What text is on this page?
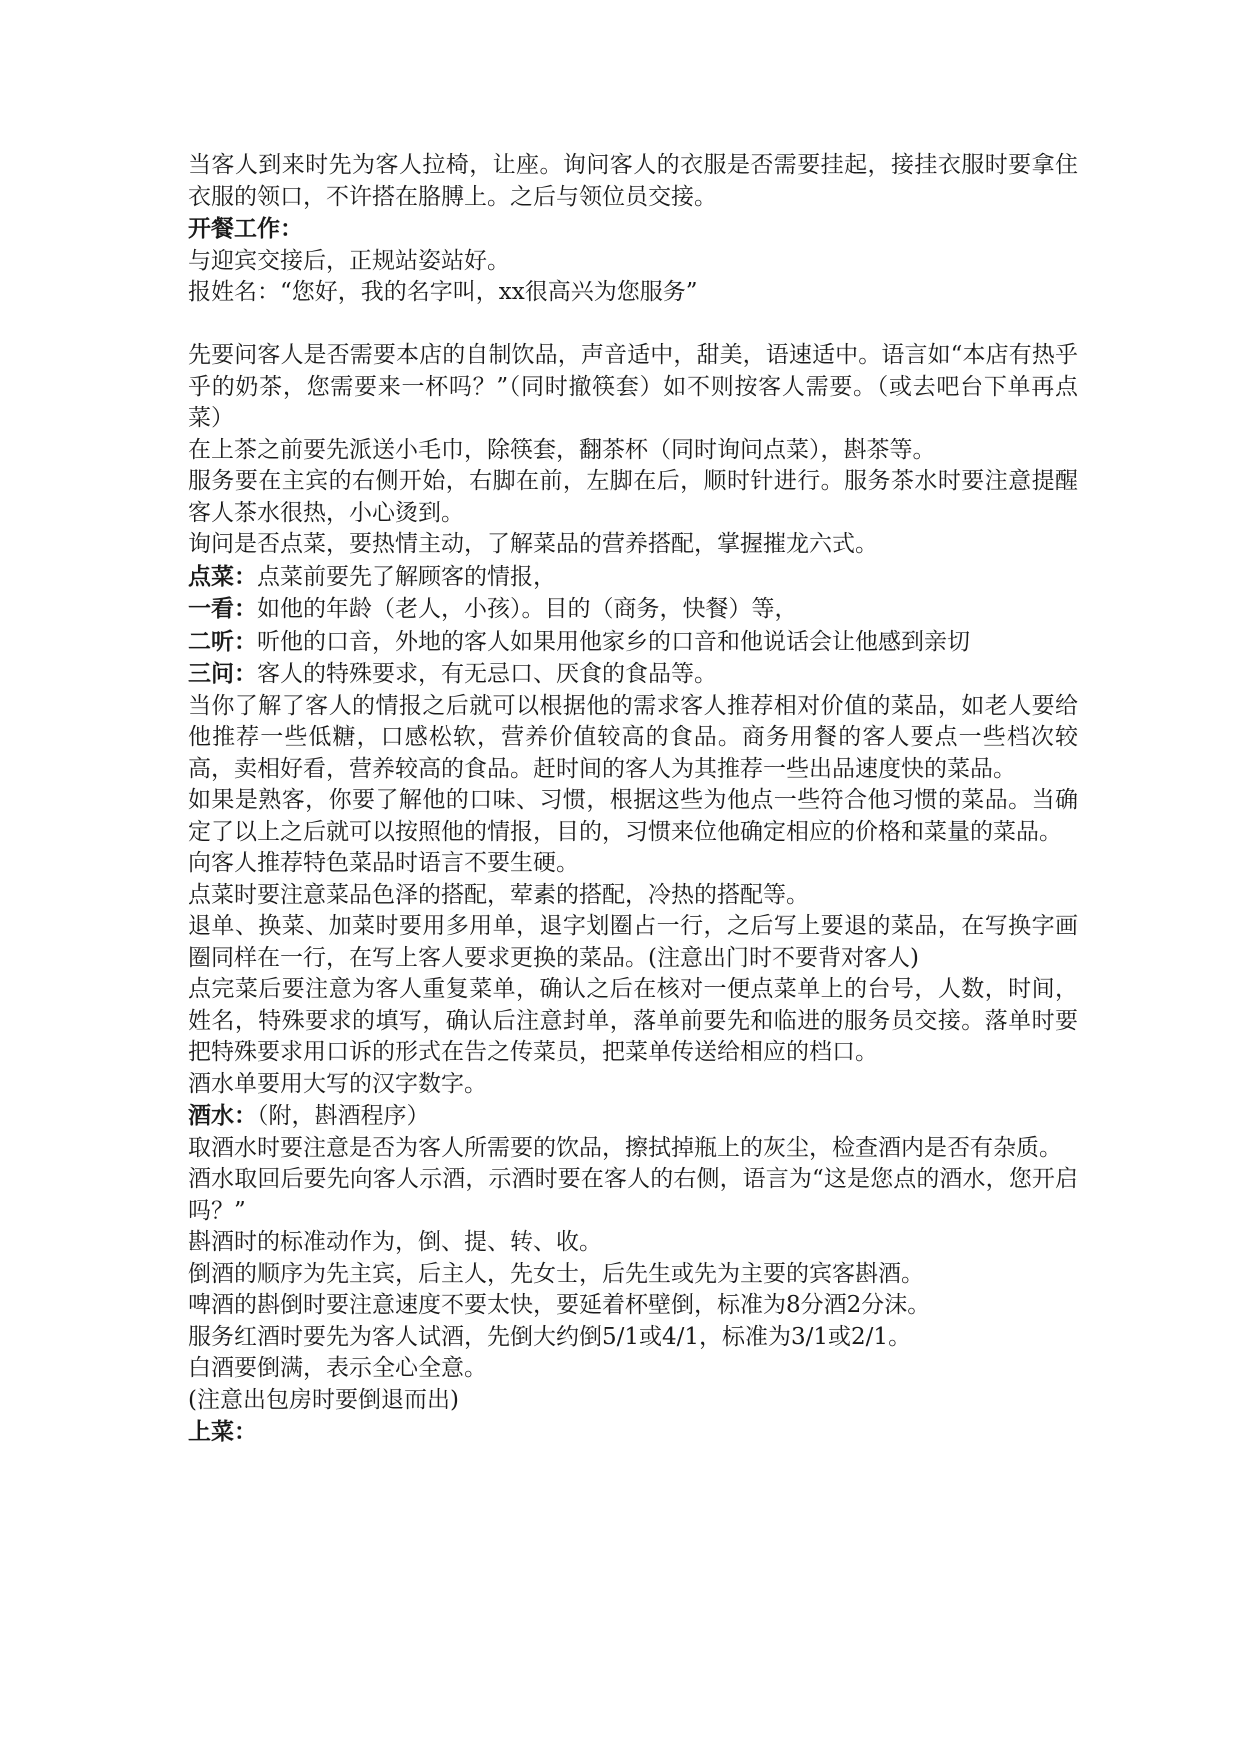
当客人到来时先为客人拉椅，让座。询问客人的衣服是否需要挂起，接挂衣服时要拿住衣服的领口，不许搭在胳膊上。之后与领位员交接。
开餐工作：
与迎宾交接后，正规站姿站好。
报姓名：“您好，我的名字叫，xx很高兴为您服务”
先要问客人是否需要本店的自制饮品，声音适中，甜美，语速适中。语言如“本店有热乎乎的奶茶，您需要来一杯吗？”（同时撤筷套）如不则按客人需要。（或去吧台下单再点菜）
在上茶之前要先派送小毛巾，除筷套，翻茶杯（同时询问点菜），斟茶等。
服务要在主宾的右侧开始，右脚在前，左脚在后，顺时针进行。服务茶水时要注意提醒客人茶水很热，小心烫到。
询问是否点菜，要热情主动，了解菜品的营养搭配，掌握摧龙六式。
点菜：点菜前要先了解顾客的情报，
一看：如他的年龄（老人，小孩）。目的（商务，快餐）等，
二听：听他的口音，外地的客人如果用他家乡的口音和他说话会让他感到亲切
三问：客人的特殊要求，有无忌口、厌食的食品等。
当你了解了客人的情报之后就可以根据他的需求客人推荐相对价值的菜品，如老人要给他推荐一些低糖，口感松软，营养价值较高的食品。商务用餐的客人要点一些档次较高，卖相好看，营养较高的食品。赶时间的客人为其推荐一些出品速度快的菜品。
如果是熟客，你要了解他的口味、习惯，根据这些为他点一些符合他习惯的菜品。当确定了以上之后就可以按照他的情报，目的，习惯来位他确定相应的价格和菜量的菜品。
向客人推荐特色菜品时语言不要生硬。
点菜时要注意菜品色泽的搭配，荤素的搭配，冷热的搭配等。
退单、换菜、加菜时要用多用单，退字划圈占一行，之后写上要退的菜品，在写换字画圈同样在一行，在写上客人要求更换的菜品。(注意出门时不要背对客人)
点完菜后要注意为客人重复菜单，确认之后在核对一便点菜单上的台号，人数，时间，姓名，特殊要求的填写，确认后注意封单，落单前要先和临进的服务员交接。落单时要把特殊要求用口诉的形式在告之传菜员，把菜单传送给相应的档口。
酒水单要用大写的汉字数字。
酒水：（附，斟酒程序）
取酒水时要注意是否为客人所需要的饮品，擦拭掉瓶上的灰尘，检查酒内是否有杂质。
酒水取回后要先向客人示酒，示酒时要在客人的右侧，语言为“这是您点的酒水，您开启吗？”
斟酒时的标准动作为，倒、提、转、收。
倒酒的顺序为先主宾，后主人，先女士，后先生或先为主要的宾客斟酒。
啤酒的斟倒时要注意速度不要太快，要延着杯壁倒，标准为8分酒2分沫。
服务红酒时要先为客人试酒，先倒大约倒5/1或4/1，标准为3/1或2/1。
白酒要倒满，表示全心全意。
(注意出包房时要倒退而出)
上菜：
